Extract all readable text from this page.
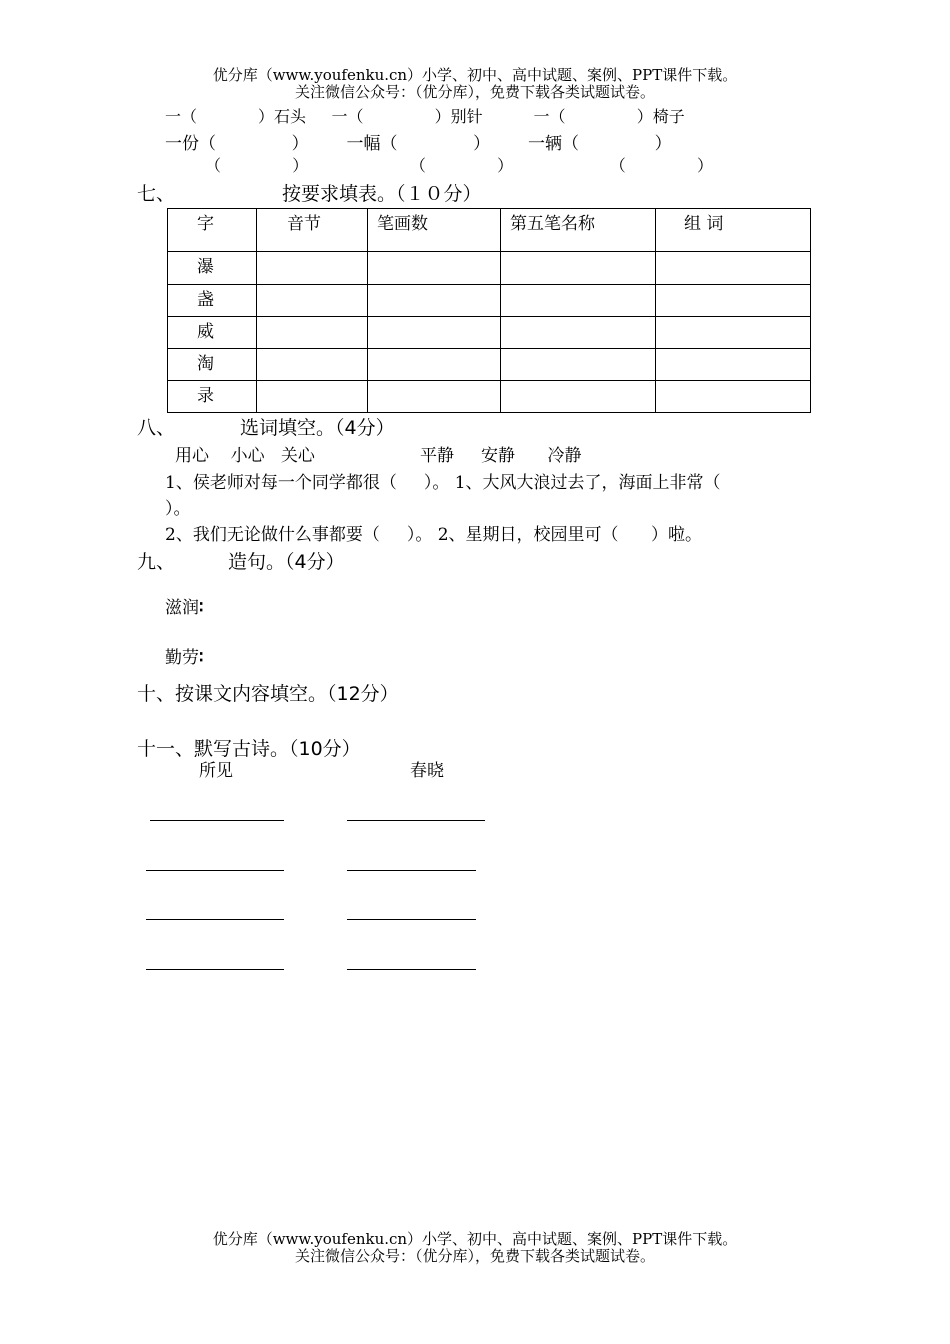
优分库（www.youfenku.cn）小学、初中、高中试题、案例、PPT课件下载。
关注微信公众号：（优分库），免费下载各类试题试卷。
一（            ）石头     一（              ）别针          一（              ）椅子
一份（              ）       一幅（              ）       一辆（              ）
（              ）                    （              ）                   （              ）
七、	按要求填表。（１０分）
字	音节	笔画数	第五笔名称	组 词
瀑				
盏				
威				
淘				
录				
八、	选词填空。（4分）
用心    小心   关心	平静     安静      冷静
1、侯老师对每一个同学都很（     ）。 1、大风大浪过去了，海面上非常（
）。
2、我们无论做什么事都要（     ）。 2、星期日，校园里可（      ）啦。
九、	造句。（4分）
滋润∶
勤劳∶
十、按课文内容填空。（12分）
十一、默写古诗。（10分）
所见	春晓
优分库（www.youfenku.cn）小学、初中、高中试题、案例、PPT课件下载。
关注微信公众号：（优分库），免费下载各类试题试卷。
